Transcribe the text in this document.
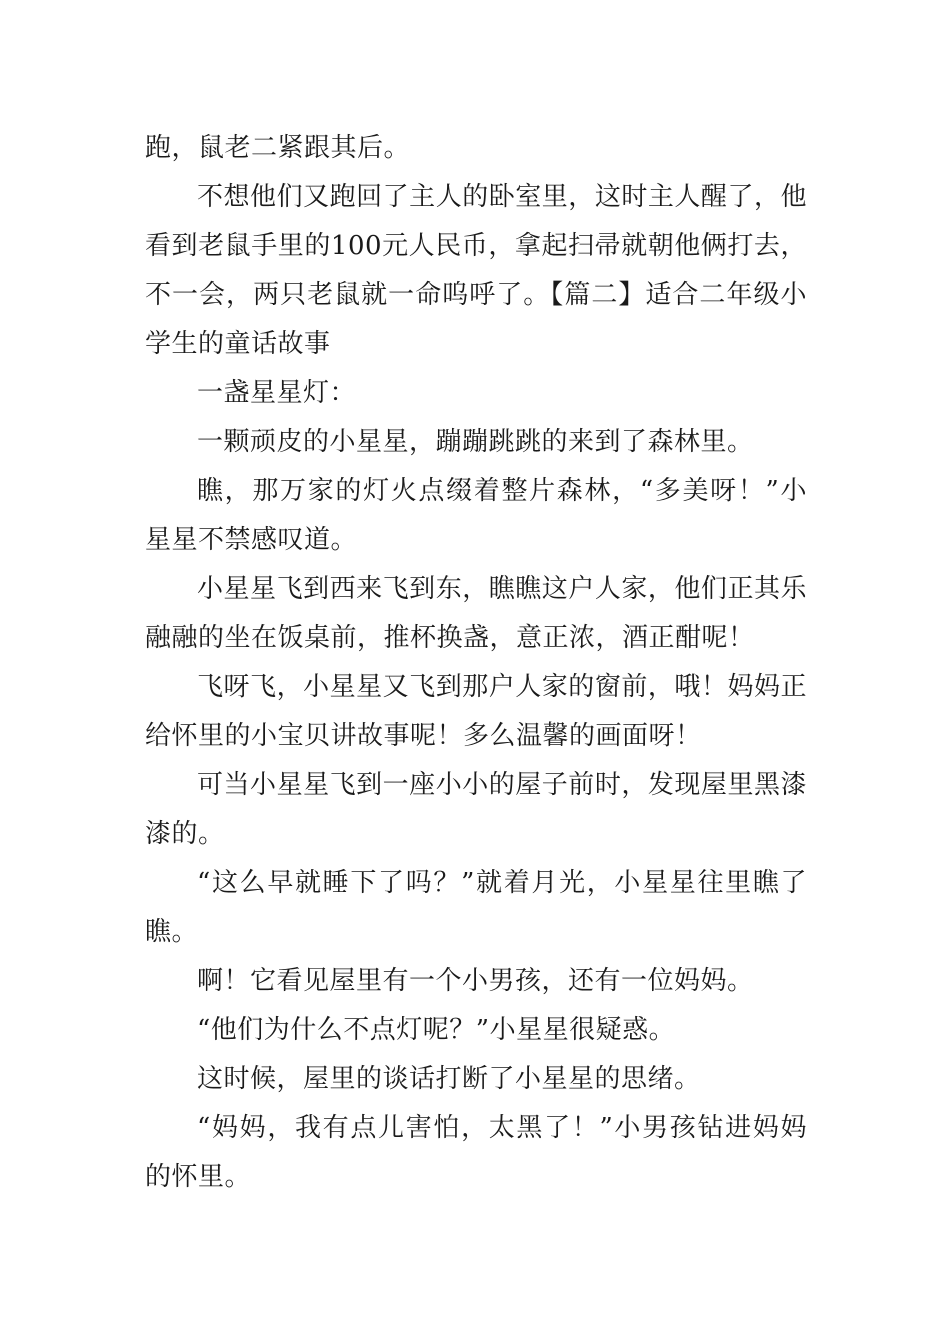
跑，鼠老二紧跟其后。

不想他们又跑回了主人的卧室里，这时主人醒了，他看到老鼠手里的100元人民币，拿起扫帚就朝他俩打去，不一会，两只老鼠就一命呜呼了。【篇二】适合二年级小学生的童话故事

一盏星星灯：

一颗顽皮的小星星，蹦蹦跳跳的来到了森林里。

瞧，那万家的灯火点缀着整片森林，“多美呀！”小星星不禁感叹道。

小星星飞到西来飞到东，瞧瞧这户人家，他们正其乐融融的坐在饭桌前，推杯换盏，意正浓，酒正酣呢！

飞呀飞，小星星又飞到那户人家的窗前，哦！妈妈正给怀里的小宝贝讲故事呢！多么温馨的画面呀！

可当小星星飞到一座小小的屋子前时，发现屋里黑漆漆的。

“这么早就睡下了吗？”就着月光，小星星往里瞧了瞧。

啊！它看见屋里有一个小男孩，还有一位妈妈。

“他们为什么不点灯呢？”小星星很疑惑。

这时候，屋里的谈话打断了小星星的思绪。

“妈妈，我有点儿害怕，太黑了！”小男孩钻进妈妈的怀里。
